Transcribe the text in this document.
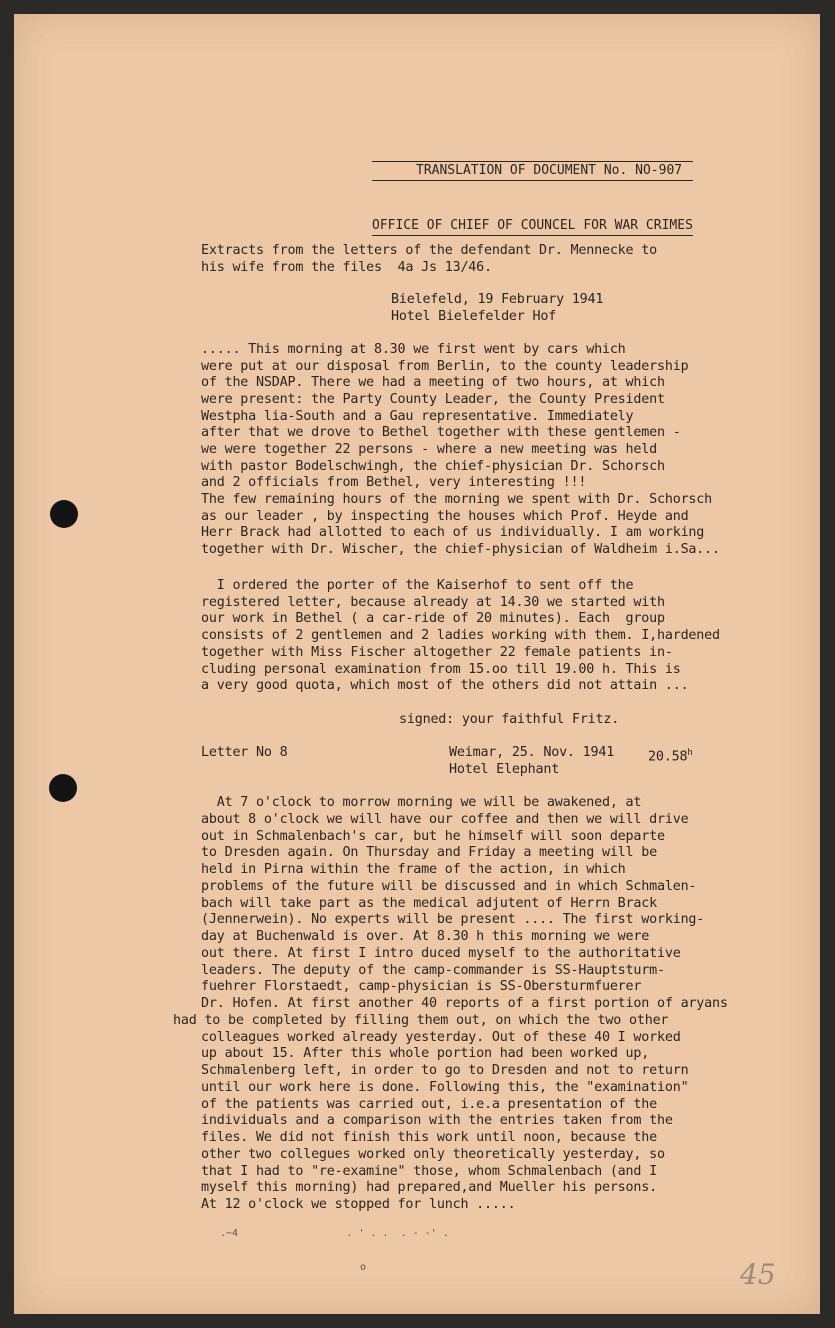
TRANSLATION OF DOCUMENT No. NO-907

OFFICE OF CHIEF OF COUNCEL FOR WAR CRIMES

Extracts from the letters of the defendant Dr. Mennecke to
his wife from the files  4a Js 13/46.
Bielefeld, 19 February 1941
Hotel Bielefelder Hof
..... This morning at 8.30 we first went by cars which
were put at our disposal from Berlin, to the county leadership
of the NSDAP. There we had a meeting of two hours, at which
were present: the Party County Leader, the County President
Westpha lia-South and a Gau representative. Immediately
after that we drove to Bethel together with these gentlemen -
we were together 22 persons - where a new meeting was held
with pastor Bodelschwingh, the chief-physician Dr. Schorsch
and 2 officials from Bethel, very interesting !!!
The few remaining hours of the morning we spent with Dr. Schorsch
as our leader , by inspecting the houses which Prof. Heyde and
Herr Brack had allotted to each of us individually. I am working
together with Dr. Wischer, the chief-physician of Waldheim i.Sa...
I ordered the porter of the Kaiserhof to sent off the
registered letter, because already at 14.30 we started with
our work in Bethel ( a car-ride of 20 minutes). Each  group
consists of 2 gentlemen and 2 ladies working with them. I,hardened
together with Miss Fischer altogether 22 female patients in-
cluding personal examination from 15.oo till 19.00 h. This is
a very good quota, which most of the others did not attain ...
signed: your faithful Fritz.
Letter No 8	Weimar, 25. Nov. 1941	20.58$^h$
Hotel Elephant
At 7 o'clock to morrow morning we will be awakened, at
about 8 o'clock we will have our coffee and then we will drive
out in Schmalenbach's car, but he himself will soon departe
to Dresden again. On Thursday and Friday a meeting will be
held in Pirna within the frame of the action, in which
problems of the future will be discussed and in which Schmalen-
bach will take part as the medical adjutent of Herrn Brack
(Jennerwein). No experts will be present .... The first working-
day at Buchenwald is over. At 8.30 h this morning we were
out there. At first I intro duced myself to the authoritative
leaders. The deputy of the camp-commander is SS-Hauptsturm-
fuehrer Florstaedt, camp-physician is SS-Obersturmfuerer
Dr. Hofen. At first another 40 reports of a first portion of aryans
had to be completed by filling them out, on which the two other
colleagues worked already yesterday. Out of these 40 I worked
up about 15. After this whole portion had been worked up,
Schmalenberg left, in order to go to Dresden and not to return
until our work here is done. Following this, the "examination"
of the patients was carried out, i.e.a presentation of the
individuals and a comparison with the entries taken from the
files. We did not finish this work until noon, because the
other two collegues worked only theoretically yesterday, so
that I had to "re-examine" those, whom Schmalenbach (and I
myself this morning) had prepared,and Mueller his persons.
At 12 o'clock we stopped for lunch .....
.~4                  . ' . .  . - -' .
o	45
